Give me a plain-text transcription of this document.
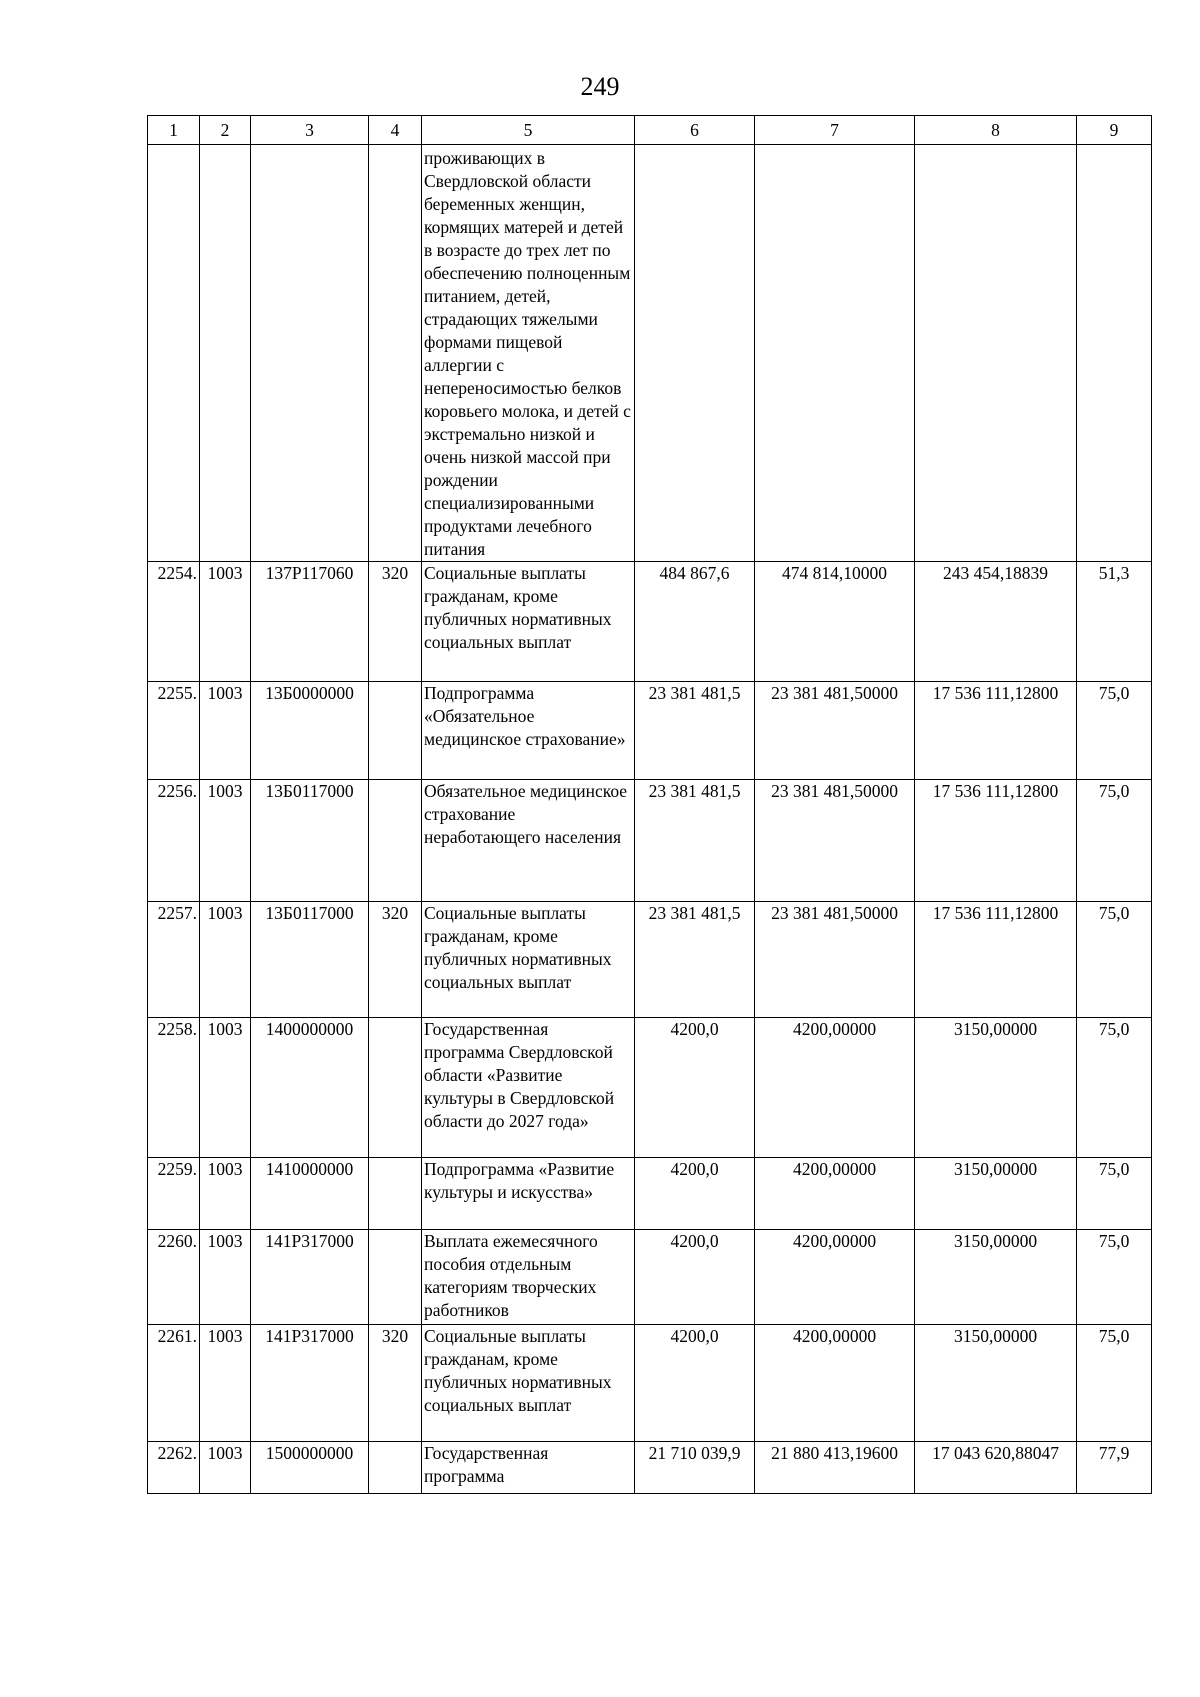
249
1	2	3	4	5	6	7	8	9
				проживающих в Свердловской области беременных женщин, кормящих матерей и детей в возрасте до трех лет по обеспечению полноценным питанием, детей, страдающих тяжелыми формами пищевой аллергии с непереносимостью белков коровьего молока, и детей с экстремально низкой и очень низкой массой при рождении специализированными продуктами лечебного питания				
2254.	1003	137Р117060	320	Социальные выплаты гражданам, кроме публичных нормативных социальных выплат	484 867,6	474 814,10000	243 454,18839	51,3
2255.	1003	13Б0000000		Подпрограмма «Обязательное медицинское страхование»	23 381 481,5	23 381 481,50000	17 536 111,12800	75,0
2256.	1003	13Б0117000		Обязательное медицинское страхование неработающего населения	23 381 481,5	23 381 481,50000	17 536 111,12800	75,0
2257.	1003	13Б0117000	320	Социальные выплаты гражданам, кроме публичных нормативных социальных выплат	23 381 481,5	23 381 481,50000	17 536 111,12800	75,0
2258.	1003	1400000000		Государственная программа Свердловской области «Развитие культуры в Свердловской области до 2027 года»	4200,0	4200,00000	3150,00000	75,0
2259.	1003	1410000000		Подпрограмма «Развитие культуры и искусства»	4200,0	4200,00000	3150,00000	75,0
2260.	1003	141Р317000		Выплата ежемесячного пособия отдельным категориям творческих работников	4200,0	4200,00000	3150,00000	75,0
2261.	1003	141Р317000	320	Социальные выплаты гражданам, кроме публичных нормативных социальных выплат	4200,0	4200,00000	3150,00000	75,0
2262.	1003	1500000000		Государственная программа	21 710 039,9	21 880 413,19600	17 043 620,88047	77,9
